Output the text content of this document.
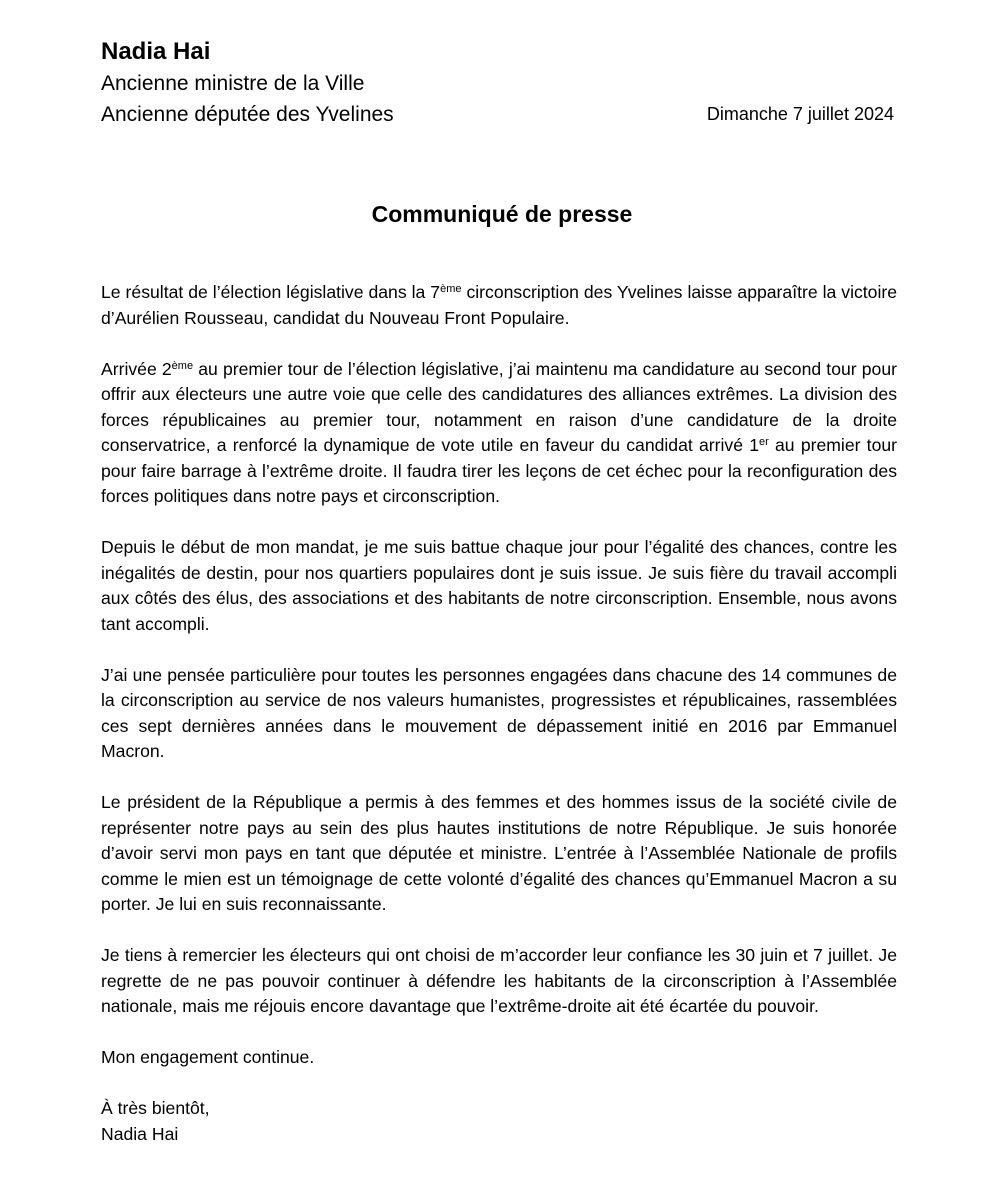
Nadia Hai

Ancienne ministre de la Ville

Ancienne députée des Yvelines	Dimanche 7 juillet 2024
Communiqué de presse

Le résultat de l’élection législative dans la 7ème circonscription des Yvelines laisse apparaître la victoire d’Aurélien Rousseau, candidat du Nouveau Front Populaire.

Arrivée 2ème au premier tour de l’élection législative, j’ai maintenu ma candidature au second tour pour offrir aux électeurs une autre voie que celle des candidatures des alliances extrêmes. La division des forces républicaines au premier tour, notamment en raison d’une candidature de la droite conservatrice, a renforcé la dynamique de vote utile en faveur du candidat arrivé 1er au premier tour pour faire barrage à l’extrême droite. Il faudra tirer les leçons de cet échec pour la reconfiguration des forces politiques dans notre pays et circonscription.

Depuis le début de mon mandat, je me suis battue chaque jour pour l’égalité des chances, contre les inégalités de destin, pour nos quartiers populaires dont je suis issue. Je suis fière du travail accompli aux côtés des élus, des associations et des habitants de notre circonscription. Ensemble, nous avons tant accompli.

J’ai une pensée particulière pour toutes les personnes engagées dans chacune des 14 communes de la circonscription au service de nos valeurs humanistes, progressistes et républicaines, rassemblées ces sept dernières années dans le mouvement de dépassement initié en 2016 par Emmanuel Macron.

Le président de la République a permis à des femmes et des hommes issus de la société civile de représenter notre pays au sein des plus hautes institutions de notre République. Je suis honorée d’avoir servi mon pays en tant que députée et ministre. L’entrée à l’Assemblée Nationale de profils comme le mien est un témoignage de cette volonté d’égalité des chances qu’Emmanuel Macron a su porter. Je lui en suis reconnaissante.

Je tiens à remercier les électeurs qui ont choisi de m’accorder leur confiance les 30 juin et 7 juillet. Je regrette de ne pas pouvoir continuer à défendre les habitants de la circonscription à l’Assemblée nationale, mais me réjouis encore davantage que l’extrême-droite ait été écartée du pouvoir.

Mon engagement continue.

À très bientôt,

Nadia Hai
